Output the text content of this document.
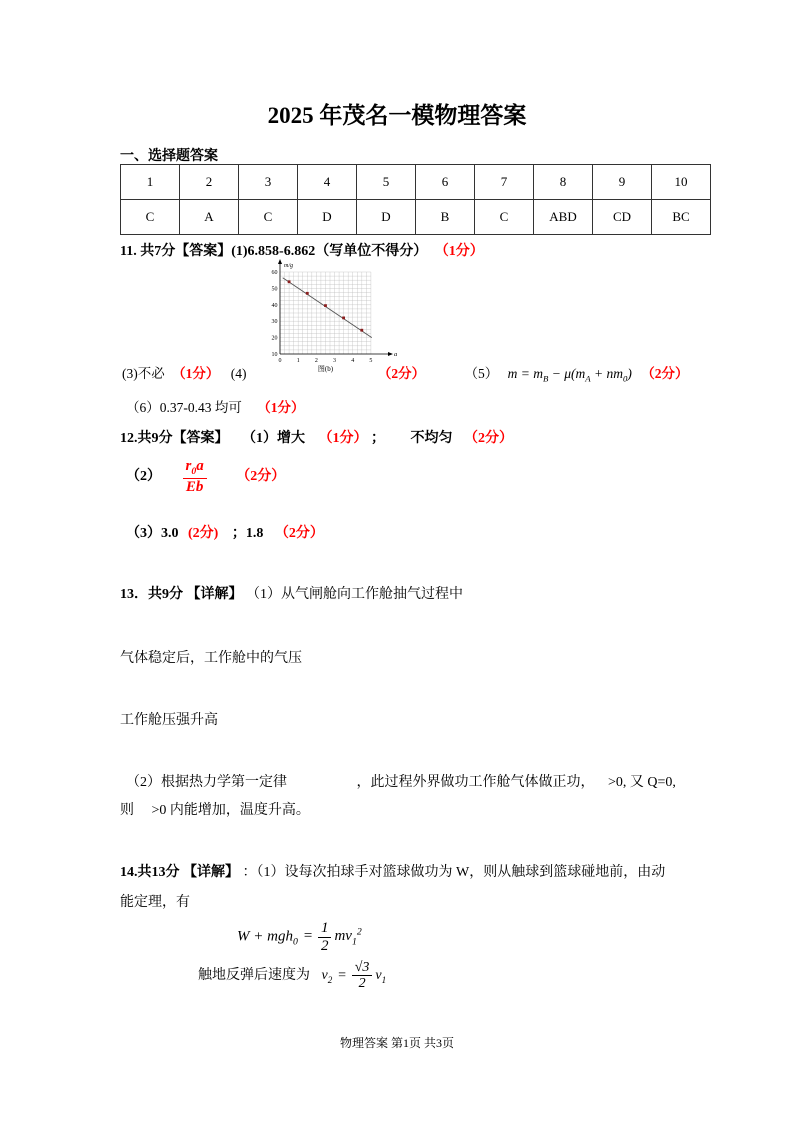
2025 年茂名一模物理答案
一、选择题答案
1	2	3	4	5	6	7	8	9	10
C	A	C	D	D	B	C	ABD	CD	BC
11. 共7分【答案】(1)6.858-6.862（写单位不得分） （1分）
10
20
30
40
50
60
0	1	2	3	4	5
m/g
a
图(b)
(3)不必 （1分） (4)	（2分）	（5） $m = m_B - \mu(m_A + nm_0)$ （2分）
（6）0.37-0.43 均可 （1分）
12.共9分【答案】 （1）增大 （1分） ； 不均匀 （2分）
$(2) \frac{r_0a}{Eb} (2$分）
（3）3.0 (2分) ；1.8 （2分）
13．共9分 【详解】 （1）从气闸舱向工作舱抽气过程中
气体稳定后，工作舱中的气压
工作舱压强升高
（2）根据热力学第一定律	，此过程外界做功工作舱气体做正功， >0, 又 Q=0,
则 >0 内能增加，温度升高。
14.共13分 【详解】 ：（1）设每次拍球手对篮球做功为 W，则从触球到篮球碰地前，由动
能定理，有
$W + mgh_0 = \frac{1}{2} mv_1^2$
触地反弹后速度为 $v_2 = \frac{√3}{2} v_1$
物理答案 第1页 共3页
